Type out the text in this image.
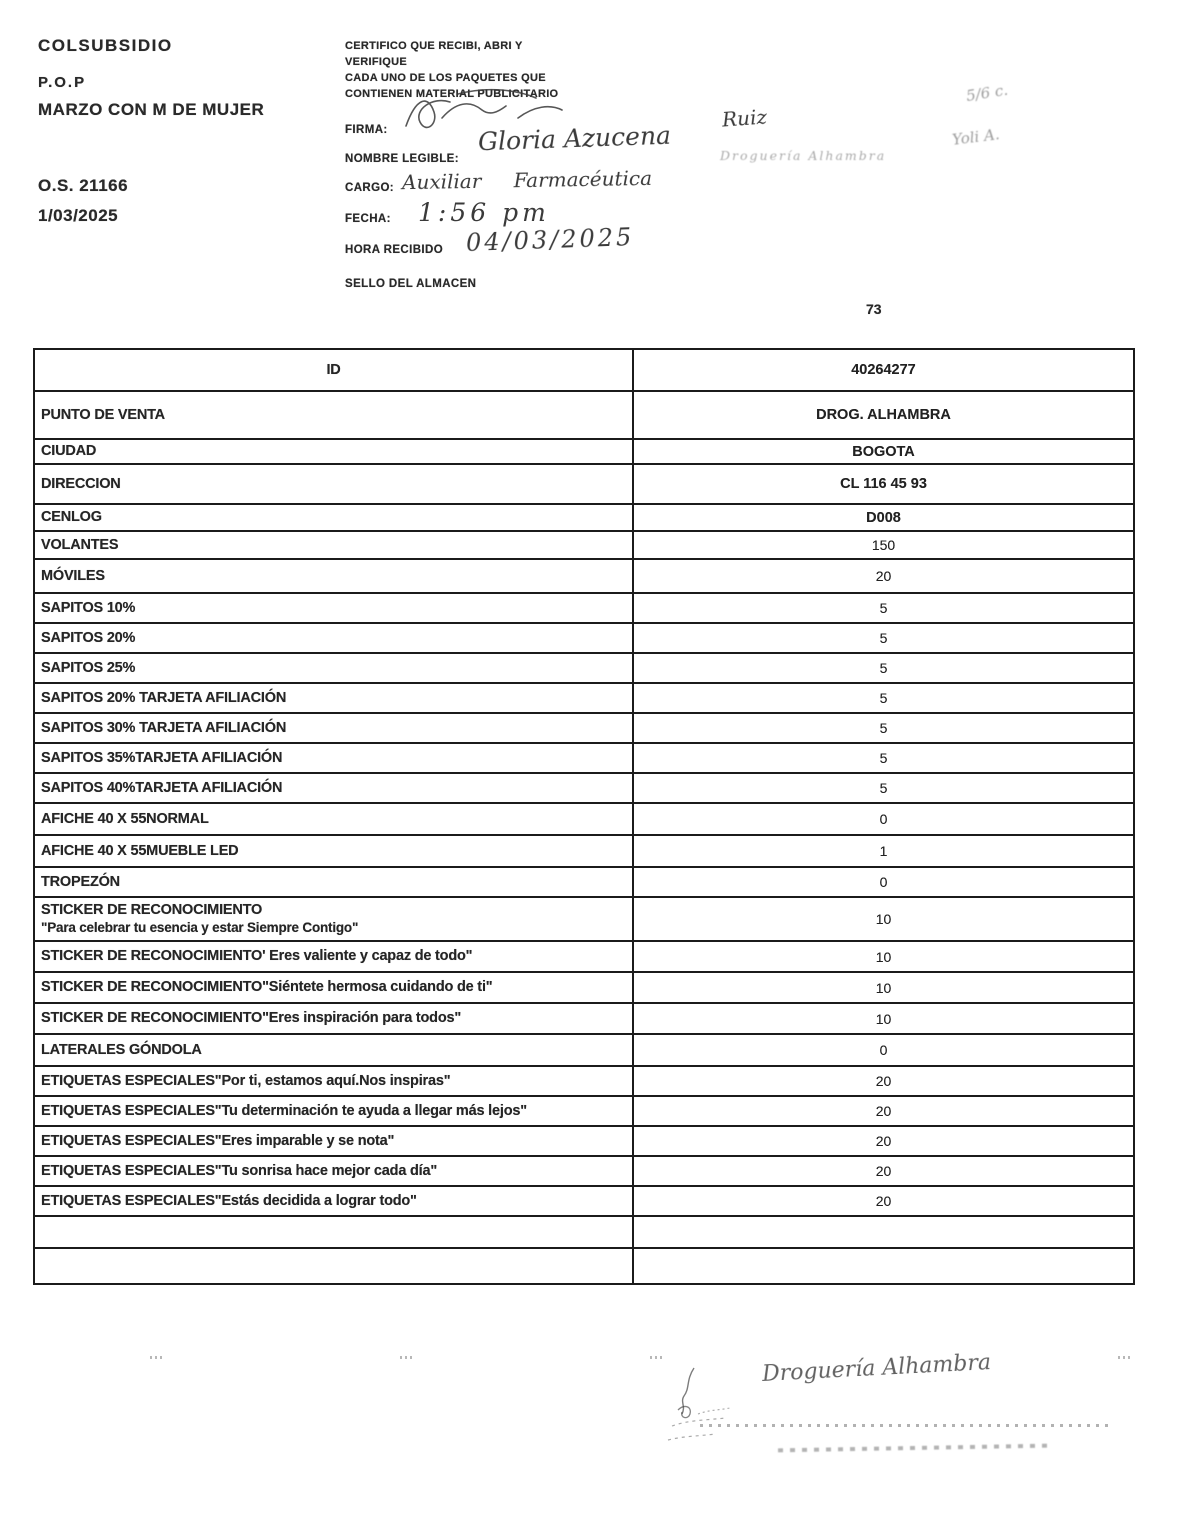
COLSUBSIDIO
P.O.P
MARZO CON M DE MUJER
O.S. 21166
1/03/2025
CERTIFICO QUE RECIBI, ABRI Y
VERIFIQUE
CADA UNO DE LOS PAQUETES QUE
CONTIENEN MATERIAL PUBLICITARIO
FIRMA:
NOMBRE LEGIBLE:
CARGO:
FECHA:
HORA RECIBIDO
SELLO DEL ALMACEN
Gloria Azucena
Ruiz
Droguería Alhambra
Auxiliar Farmacéutica
1:56 pm
04/03/2025
5/6 c.
Yoli A.
73
ID	40264277
PUNTO DE VENTA	DROG. ALHAMBRA
CIUDAD	BOGOTA
DIRECCION	CL 116 45 93
CENLOG	D008
VOLANTES	150
MÓVILES	20
SAPITOS 10%	5
SAPITOS 20%	5
SAPITOS 25%	5
SAPITOS 20% TARJETA AFILIACIÓN	5
SAPITOS 30% TARJETA AFILIACIÓN	5
SAPITOS 35%TARJETA AFILIACIÓN	5
SAPITOS 40%TARJETA AFILIACIÓN	5
AFICHE 40 X 55NORMAL	0
AFICHE 40 X 55MUEBLE LED	1
TROPEZÓN	0
STICKER DE RECONOCIMIENTO
"Para celebrar tu esencia y estar Siempre Contigo"
10
STICKER DE RECONOCIMIENTO' Eres valiente y capaz de todo"	10
STICKER DE RECONOCIMIENTO"Siéntete hermosa cuidando de ti"	10
STICKER DE RECONOCIMIENTO"Eres inspiración para todos"	10
LATERALES GÓNDOLA	0
ETIQUETAS ESPECIALES"Por ti, estamos aquí.Nos inspiras"	20
ETIQUETAS ESPECIALES"Tu determinación te ayuda a llegar más lejos"	20
ETIQUETAS ESPECIALES"Eres imparable y se nota"	20
ETIQUETAS ESPECIALES"Tu sonrisa hace mejor cada día"	20
ETIQUETAS ESPECIALES"Estás decidida a lograr todo"	20
Droguería Alhambra
